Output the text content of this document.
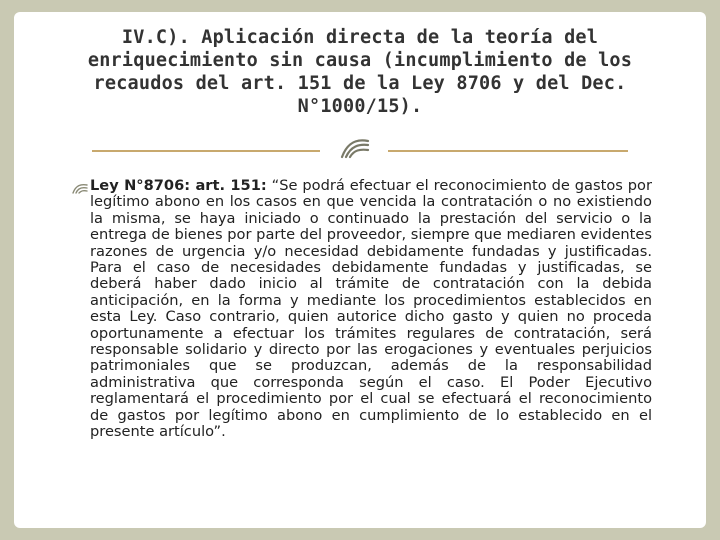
IV.C). Aplicación directa de la teoría del enriquecimiento sin causa (incumplimiento de los recaudos del art. 151 de la Ley 8706 y del Dec. N°1000/15).
Ley N°8706: art. 151: “Se podrá efectuar el reconocimiento de gastos por legítimo abono en los casos en que vencida la contratación o no existiendo la misma, se haya iniciado o continuado la prestación del servicio o la entrega de bienes por parte del proveedor, siempre que mediaren evidentes razones de urgencia y/o necesidad debidamente fundadas y justificadas. Para el caso de necesidades debidamente fundadas y justificadas, se deberá haber dado inicio al trámite de contratación con la debida anticipación, en la forma y mediante los procedimientos establecidos en esta Ley. Caso contrario, quien autorice dicho gasto y quien no proceda oportunamente a efectuar los trámites regulares de contratación, será responsable solidario y directo por las erogaciones y eventuales perjuicios patrimoniales que se produzcan, además de la responsabilidad administrativa que corresponda según el caso. El Poder Ejecutivo reglamentará el procedimiento por el cual se efectuará el reconocimiento de gastos por legítimo abono en cumplimiento de lo establecido en el presente artículo”.
